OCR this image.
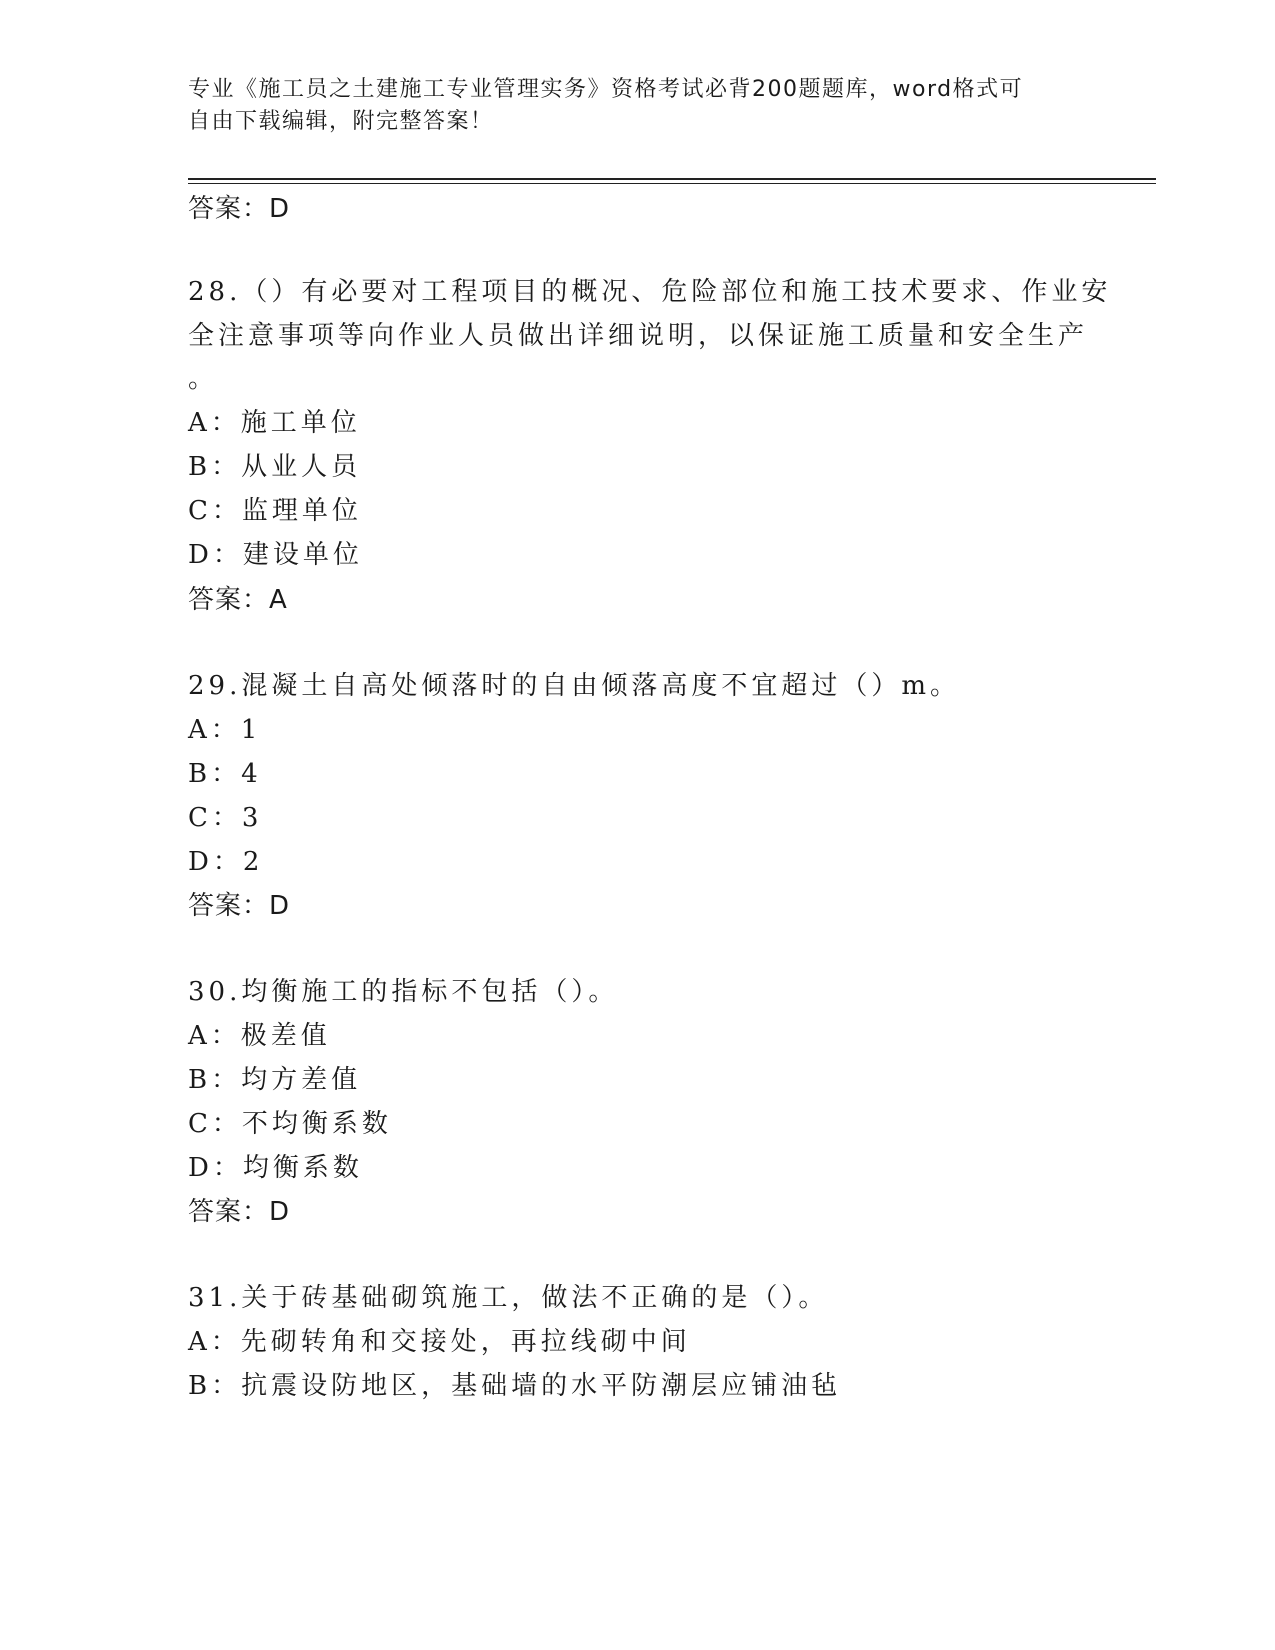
专业《施工员之土建施工专业管理实务》资格考试必背200题题库，word格式可
自由下载编辑，附完整答案！
答案：D
28.（）有必要对工程项目的概况、危险部位和施工技术要求、作业安
全注意事项等向作业人员做出详细说明，以保证施工质量和安全生产
。
A：施工单位
B：从业人员
C：监理单位
D：建设单位
答案：A
29.混凝土自高处倾落时的自由倾落高度不宜超过（）m。
A：1
B：4
C：3
D：2
答案：D
30.均衡施工的指标不包括（）。
A：极差值
B：均方差值
C：不均衡系数
D：均衡系数
答案：D
31.关于砖基础砌筑施工，做法不正确的是（）。
A：先砌转角和交接处，再拉线砌中间
B：抗震设防地区，基础墙的水平防潮层应铺油毡
